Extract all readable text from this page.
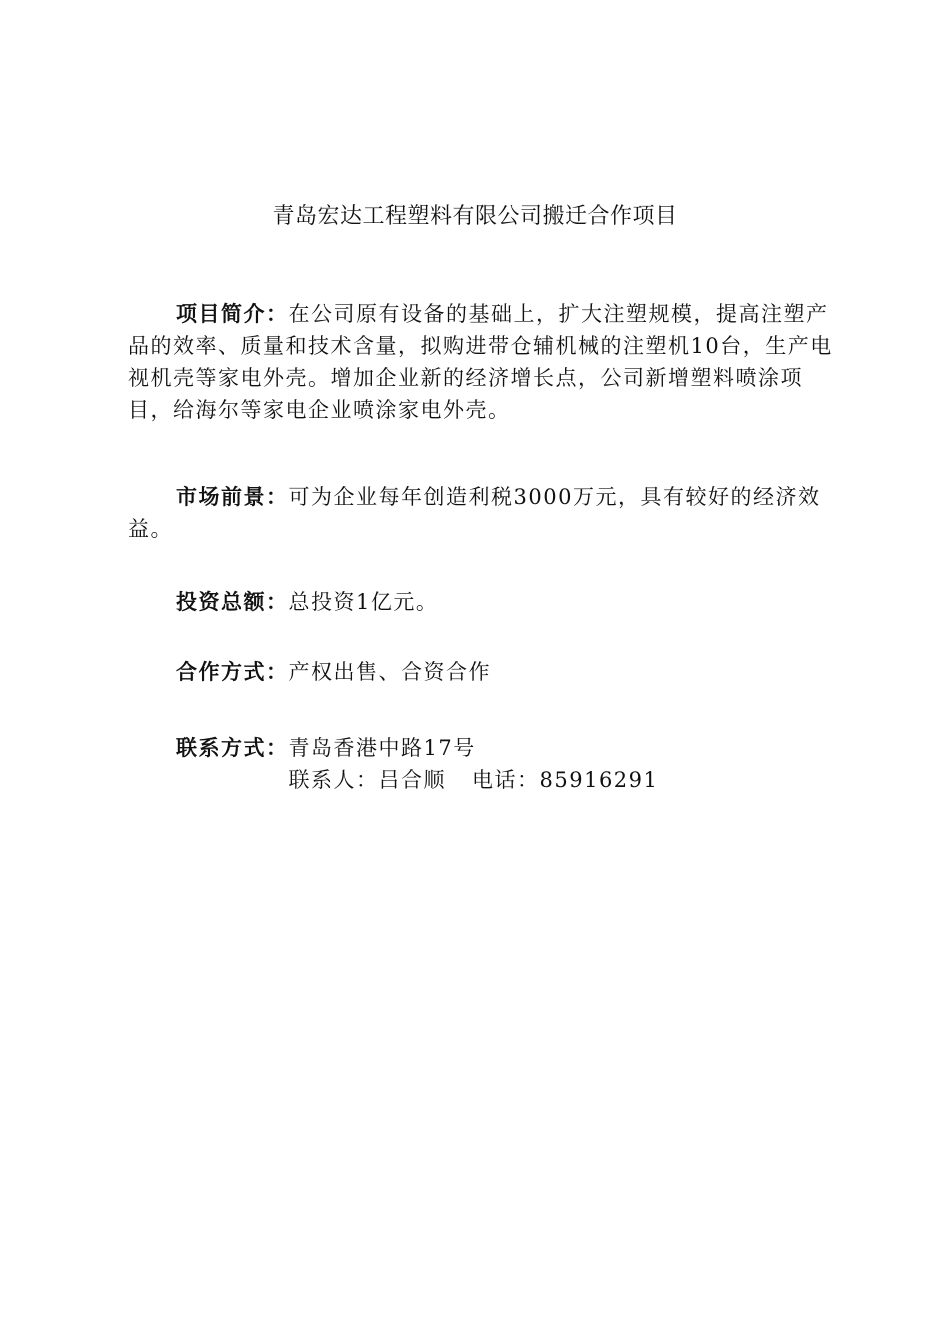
青岛宏达工程塑料有限公司搬迁合作项目

项目简介：在公司原有设备的基础上，扩大注塑规模，提高注塑产品的效率、质量和技术含量，拟购进带仓辅机械的注塑机10台，生产电视机壳等家电外壳。增加企业新的经济增长点，公司新增塑料喷涂项目，给海尔等家电企业喷涂家电外壳。

市场前景：可为企业每年创造利税3000万元，具有较好的经济效益。

投资总额：总投资1亿元。

合作方式：产权出售、合资合作

联系方式： 青岛香港中路17号
联系人：吕合顺 电话：85916291
